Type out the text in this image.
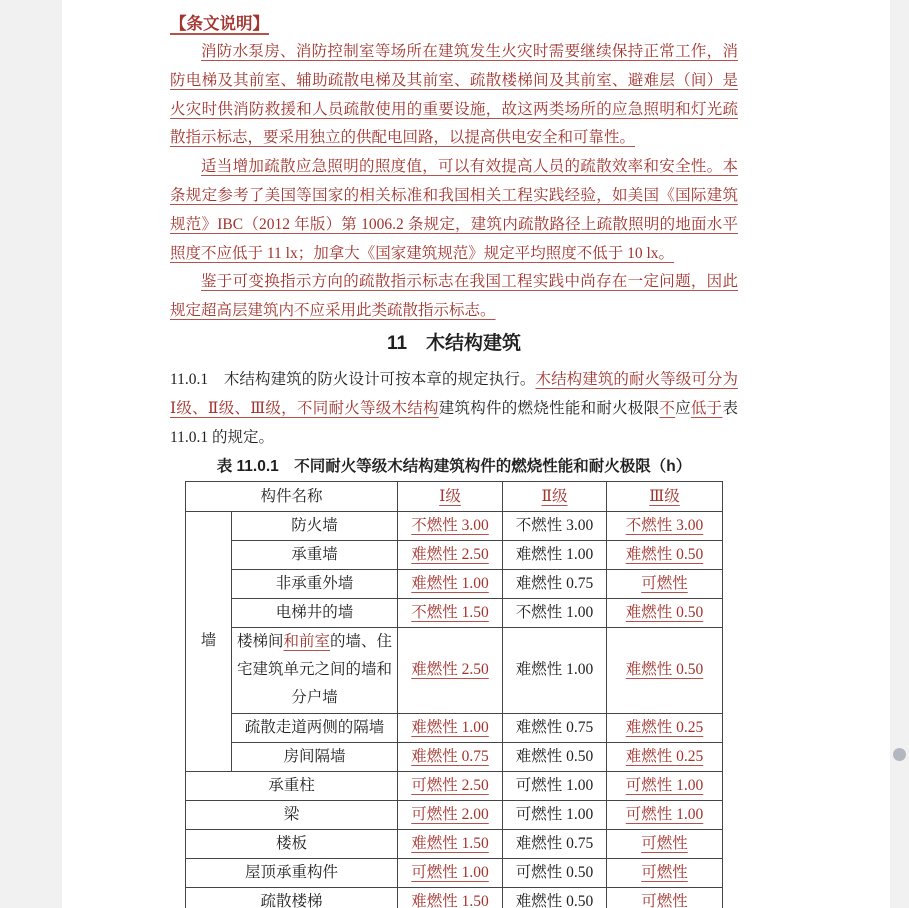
【条文说明】

消防水泵房、消防控制室等场所在建筑发生火灾时需要继续保持正常工作，消防电梯及其前室、辅助疏散电梯及其前室、疏散楼梯间及其前室、避难层（间）是火灾时供消防救援和人员疏散使用的重要设施，故这两类场所的应急照明和灯光疏散指示标志，要采用独立的供配电回路，以提高供电安全和可靠性。

适当增加疏散应急照明的照度值，可以有效提高人员的疏散效率和安全性。本条规定参考了美国等国家的相关标准和我国相关工程实践经验，如美国《国际建筑规范》IBC（2012 年版）第 1006.2 条规定，建筑内疏散路径上疏散照明的地面水平照度不应低于 11 lx；加拿大《国家建筑规范》规定平均照度不低于 10 lx。

鉴于可变换指示方向的疏散指示标志在我国工程实践中尚存在一定问题，因此规定超高层建筑内不应采用此类疏散指示标志。

11　木结构建筑

11.0.1　木结构建筑的防火设计可按本章的规定执行。木结构建筑的耐火等级可分为Ⅰ级、Ⅱ级、Ⅲ级，不同耐火等级木结构建筑构件的燃烧性能和耐火极限不应低于表 11.0.1 的规定。

表 11.0.1　不同耐火等级木结构建筑构件的燃烧性能和耐火极限（h）
构件名称		Ⅰ级	Ⅱ级	Ⅲ级
墙	防火墙	不燃性 3.00	不燃性 3.00	不燃性 3.00
	承重墙	难燃性 2.50	难燃性 1.00	难燃性 0.50
	非承重外墙	难燃性 1.00	难燃性 0.75	可燃性
	电梯井的墙	不燃性 1.50	不燃性 1.00	难燃性 0.50
	楼梯间和前室的墙、住宅建筑单元之间的墙和分户墙	难燃性 2.50	难燃性 1.00	难燃性 0.50
	疏散走道两侧的隔墙	难燃性 1.00	难燃性 0.75	难燃性 0.25
	房间隔墙	难燃性 0.75	难燃性 0.50	难燃性 0.25
承重柱		可燃性 2.50	可燃性 1.00	可燃性 1.00
梁		可燃性 2.00	可燃性 1.00	可燃性 1.00
楼板		难燃性 1.50	难燃性 0.75	可燃性
屋顶承重构件		可燃性 1.00	可燃性 0.50	可燃性
疏散楼梯		难燃性 1.50	难燃性 0.50	可燃性
